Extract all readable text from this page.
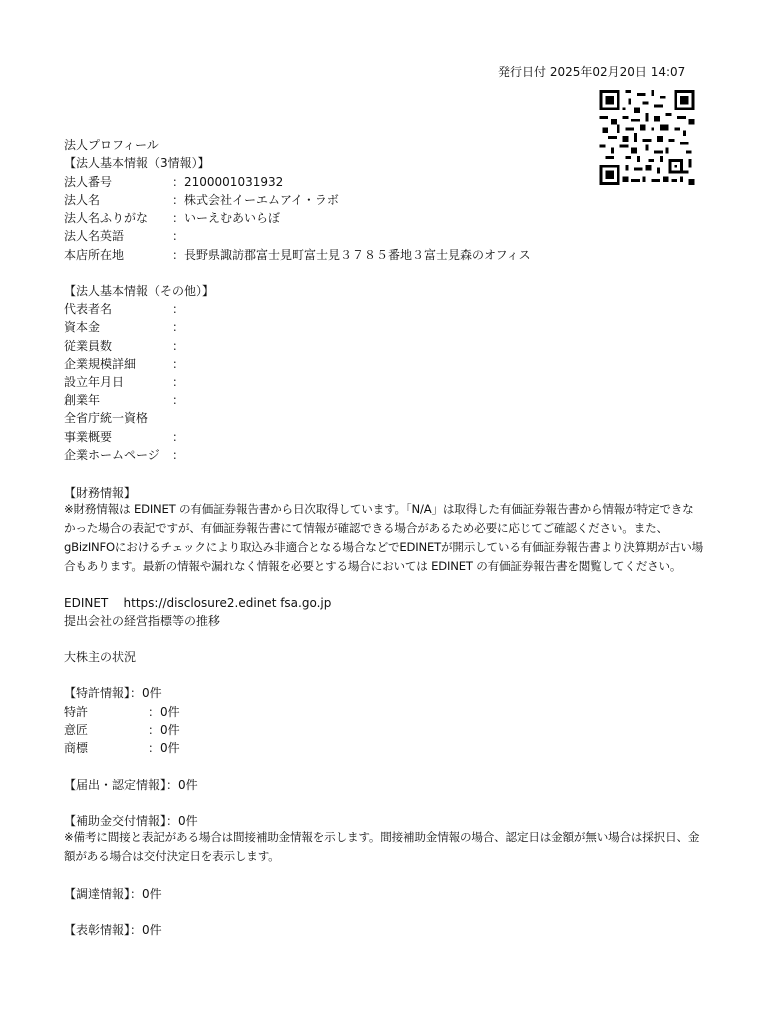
発行日付 2025年02月20日 14:07
法人プロフィール
【法人基本情報（3情報）】
法人番号	：2100001031932
法人名	：株式会社イーエムアイ・ラボ
法人名ふりがな ：いーえむあいらぼ
法人名英語	：
本店所在地	：長野県諏訪郡富士見町富士見３７８５番地３富士見森のオフィス
【法人基本情報（その他）】
代表者名	：
資本金	：
従業員数	：
企業規模詳細	：
設立年月日	：
創業年	：
全省庁統一資格
事業概要	：
企業ホームページ ：
【財務情報】
※財務情報は EDINET の有価証券報告書から日次取得しています。「N/A」は取得した有価証券報告書から情報が特定できなかった場合の表記ですが、有価証券報告書にて情報が確認できる場合があるため必要に応じてご確認ください。また、gBizINFOにおけるチェックにより取込み非適合となる場合などでEDINETが開示している有価証券報告書より決算期が古い場合もあります。最新の情報や漏れなく情報を必要とする場合においては EDINET の有価証券報告書を閲覧してください。
EDINET https://disclosure2.edinet fsa.go.jp
提出会社の経営指標等の推移
大株主の状況
【特許情報】：0件
特許	：0件
意匠	：0件
商標	：0件
【届出・認定情報】：0件
【補助金交付情報】：0件
※備考に間接と表記がある場合は間接補助金情報を示します。間接補助金情報の場合、認定日は金額が無い場合は採択日、金額がある場合は交付決定日を表示します。
【調達情報】：0件
【表彰情報】：0件
